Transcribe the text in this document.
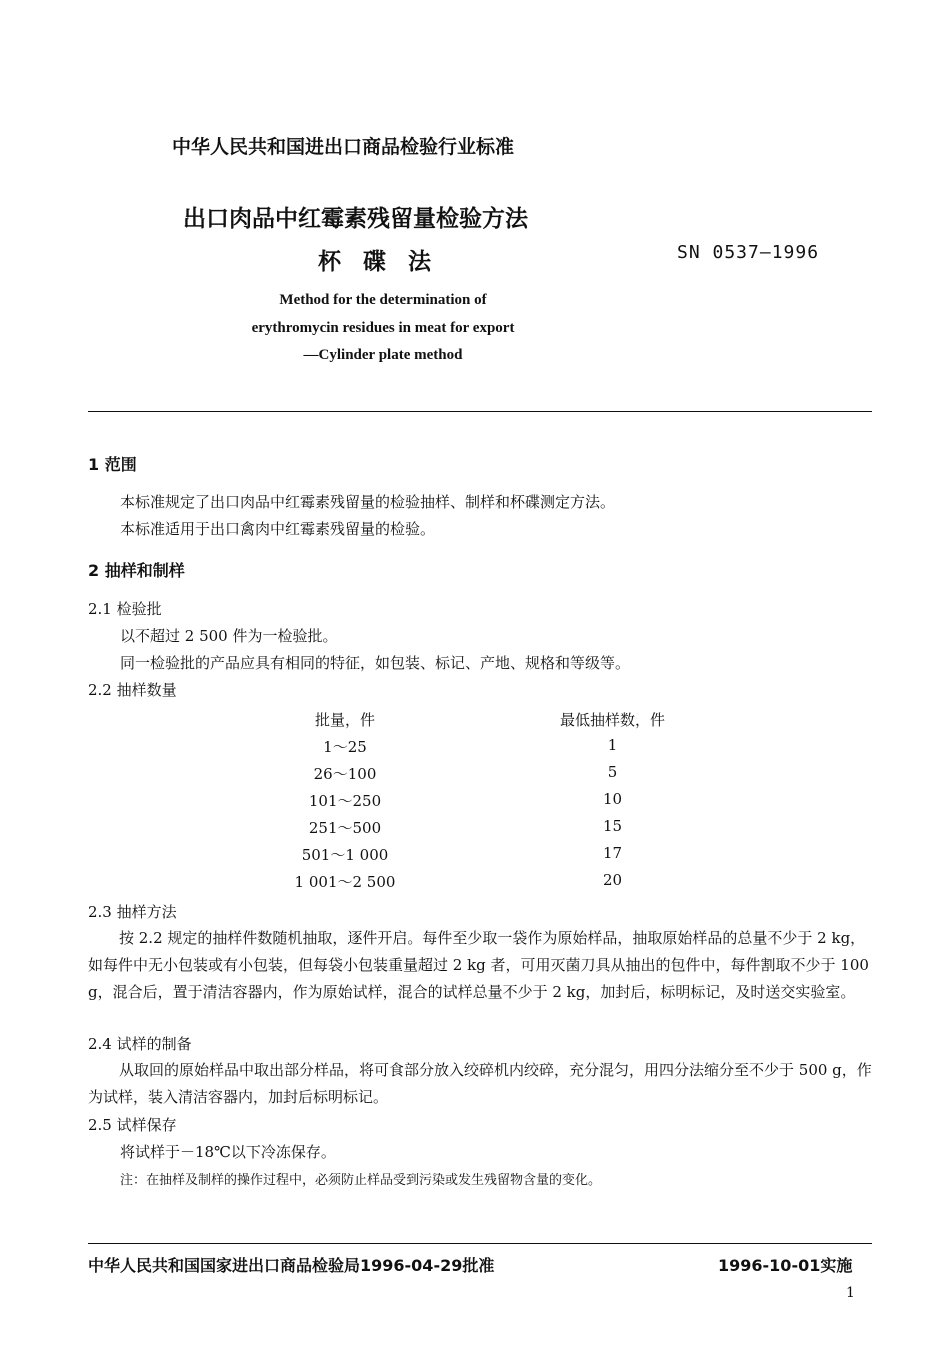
中华人民共和国进出口商品检验行业标准
出口肉品中红霉素残留量检验方法
杯碟法	SN 0537—1996
Method for the determination of
erythromycin residues in meat for export
—Cylinder plate method
1 范围
本标准规定了出口肉品中红霉素残留量的检验抽样、制样和杯碟测定方法。
本标准适用于出口禽肉中红霉素残留量的检验。
2 抽样和制样
2.1 检验批
以不超过 2 500 件为一检验批。
同一检验批的产品应具有相同的特征，如包装、标记、产地、规格和等级等。
2.2 抽样数量
批量，件	最低抽样数，件
1～25	1
26～100	5
101～250	10
251～500	15
501～1 000	17
1 001～2 500	20
2.3 抽样方法
按 2.2 规定的抽样件数随机抽取，逐件开启。每件至少取一袋作为原始样品，抽取原始样品的总量不少于 2 kg，如每件中无小包装或有小包装，但每袋小包装重量超过 2 kg 者，可用灭菌刀具从抽出的包件中，每件割取不少于 100 g，混合后，置于清洁容器内，作为原始试样，混合的试样总量不少于 2 kg，加封后，标明标记，及时送交实验室。
2.4 试样的制备
从取回的原始样品中取出部分样品，将可食部分放入绞碎机内绞碎，充分混匀，用四分法缩分至不少于 500 g，作为试样，装入清洁容器内，加封后标明标记。
2.5 试样保存
将试样于－18℃以下冷冻保存。
注：在抽样及制样的操作过程中，必须防止样品受到污染或发生残留物含量的变化。
中华人民共和国国家进出口商品检验局1996-04-29批准	1996-10-01实施
1
